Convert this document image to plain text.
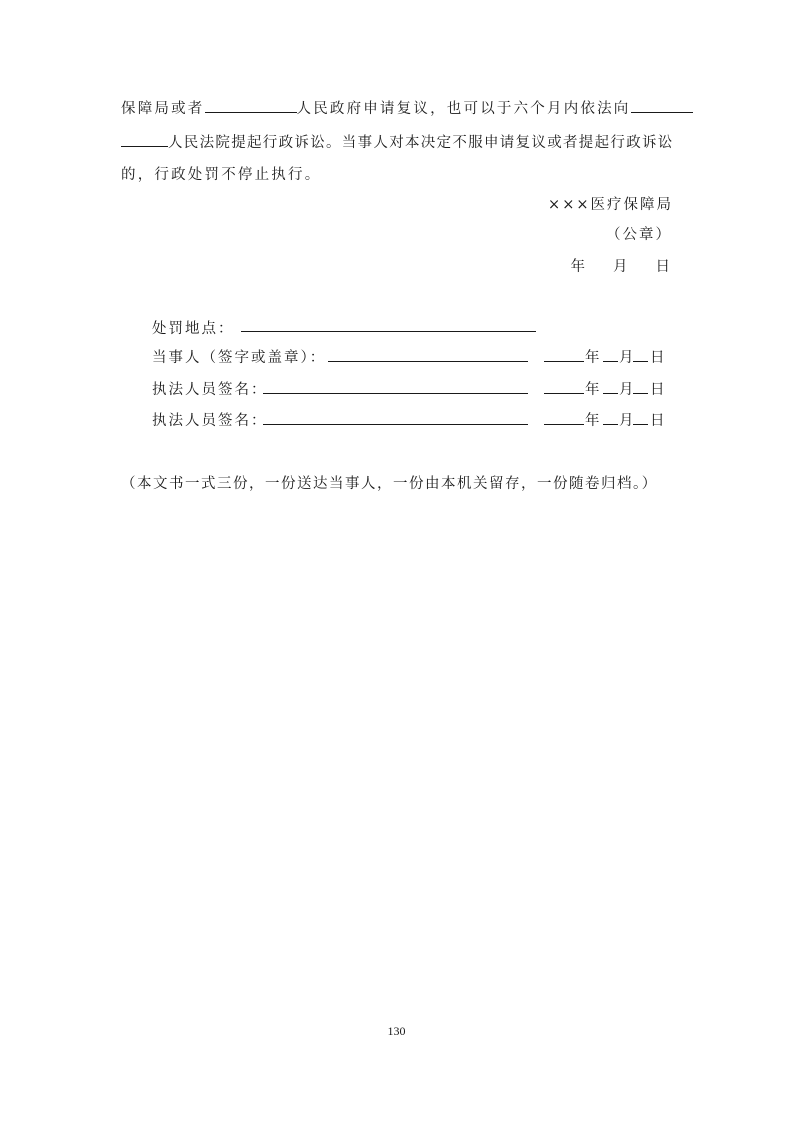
保障局或者	人民政府申请复议，也可以于六个月内依法向
人民法院提起行政诉讼。当事人对本决定不服申请复议或者提起行政诉讼
的，行政处罚不停止执行。
×××医疗保障局
（公章）
年 月 日
处罚地点：
当事人（签字或盖章）：	年 月 日
执法人员签名：	年 月 日
执法人员签名：	年 月 日
（本文书一式三份，一份送达当事人，一份由本机关留存，一份随卷归档。）
130
